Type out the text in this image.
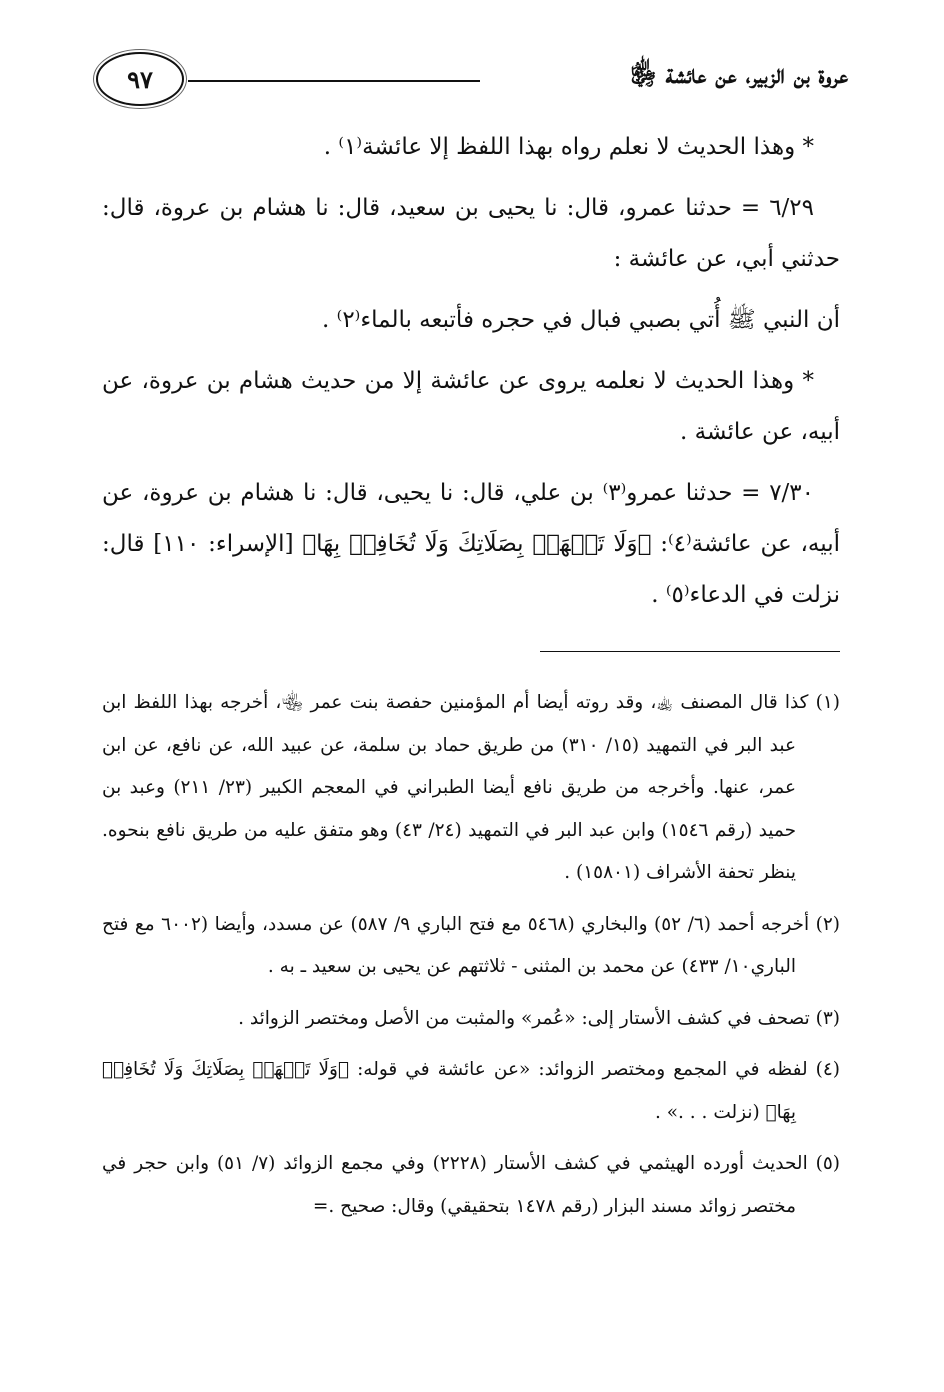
عروة بن الزبير، عن عائشة ﵂
٩٧

* وهذا الحديث لا نعلم رواه بهذا اللفظ إلا عائشة⁽١⁾ .

٦/٢٩ = حدثنا عمرو، قال: نا يحيى بن سعيد، قال: نا هشام بن عروة، قال: حدثني أبي، عن عائشة :

أن النبي ﷺ أُتي بصبي فبال في حجره فأتبعه بالماء⁽٢⁾ .

* وهذا الحديث لا نعلمه يروى عن عائشة إلا من حديث هشام بن عروة، عن أبيه، عن عائشة .

٧/٣٠ = حدثنا عمرو⁽٣⁾ بن علي، قال: نا يحيى، قال: نا هشام بن عروة، عن أبيه، عن عائشة⁽٤⁾: ﴿وَلَا تَجۡهَرۡ بِصَلَاتِكَ وَلَا تُخَافِتۡ بِهَا﴾ [الإسراء: ١١٠] قال: نزلت في الدعاء⁽٥⁾ .

(١) كذا قال المصنف ﵀، وقد روته أيضا أم المؤمنين حفصة بنت عمر ﵄، أخرجه بهذا اللفظ ابن عبد البر في التمهيد (١٥/ ٣١٠) من طريق حماد بن سلمة، عن عبيد الله، عن نافع، عن ابن عمر، عنها. وأخرجه من طريق نافع أيضا الطبراني في المعجم الكبير (٢٣/ ٢١١) وعبد بن حميد (رقم ١٥٤٦) وابن عبد البر في التمهيد (٢٤/ ٤٣) وهو متفق عليه من طريق نافع بنحوه. ينظر تحفة الأشراف (١٥٨٠١) .

(٢) أخرجه أحمد (٦/ ٥٢) والبخاري (٥٤٦٨ مع فتح الباري ٩/ ٥٨٧) عن مسدد، وأيضا (٦٠٠٢ مع فتح الباري١٠/ ٤٣٣) عن محمد بن المثنى - ثلاثتهم عن يحيى بن سعيد ـ به .

(٣) تصحف في كشف الأستار إلى: «عُمر» والمثبت من الأصل ومختصر الزوائد .

(٤) لفظه في المجمع ومختصر الزوائد: «عن عائشة في قوله: ﴿وَلَا تَجۡهَرۡ بِصَلَاتِكَ وَلَا تُخَافِتۡ بِهَا﴾ (نزلت . . .» .

(٥) الحديث أورده الهيثمي في كشف الأستار (٢٢٢٨) وفي مجمع الزوائد (٧/ ٥١) وابن حجر في مختصر زوائد مسند البزار (رقم ١٤٧٨ بتحقيقي) وقال: صحيح .=
